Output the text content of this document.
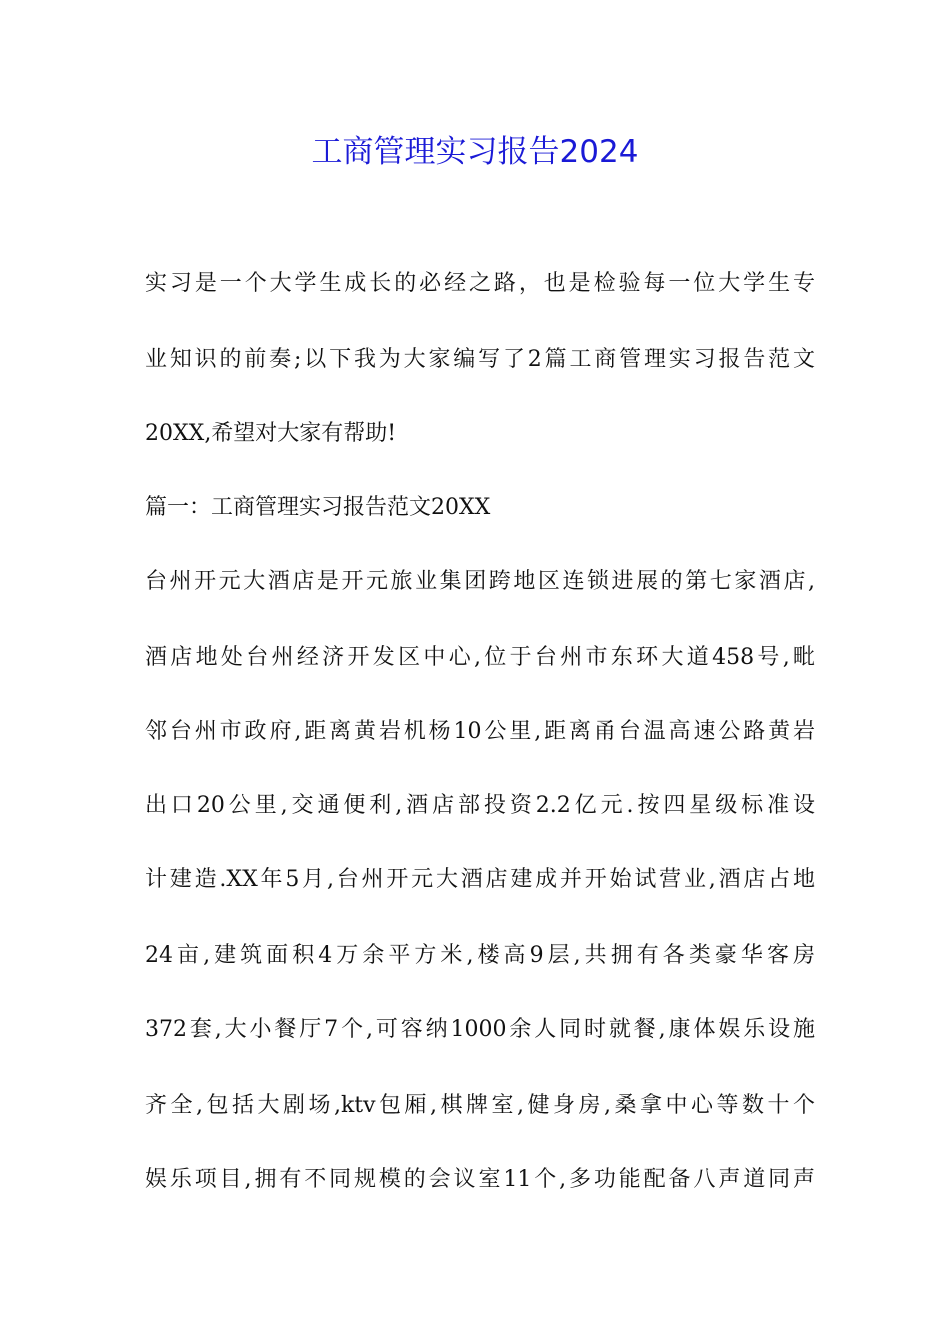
工商管理实习报告2024

实习是一个大学生成长的必经之路，也是检验每一位大学生专

业知识的前奏;以下我为大家编写了2篇工商管理实习报告范文

20XX,希望对大家有帮助!

篇一：工商管理实习报告范文20XX

台州开元大酒店是开元旅业集团跨地区连锁进展的第七家酒店,

酒店地处台州经济开发区中心,位于台州市东环大道458号,毗

邻台州市政府,距离黄岩机杨10公里,距离甬台温高速公路黄岩

出口20公里,交通便利,酒店部投资2.2亿元.按四星级标准设

计建造.XX年5月,台州开元大酒店建成并开始试营业,酒店占地

24亩,建筑面积4万余平方米,楼高9层,共拥有各类豪华客房

372套,大小餐厅7个,可容纳1000余人同时就餐,康体娱乐设施

齐全,包括大剧场,ktv包厢,棋牌室,健身房,桑拿中心等数十个

娱乐项目,拥有不同规模的会议室11个,多功能配备八声道同声
